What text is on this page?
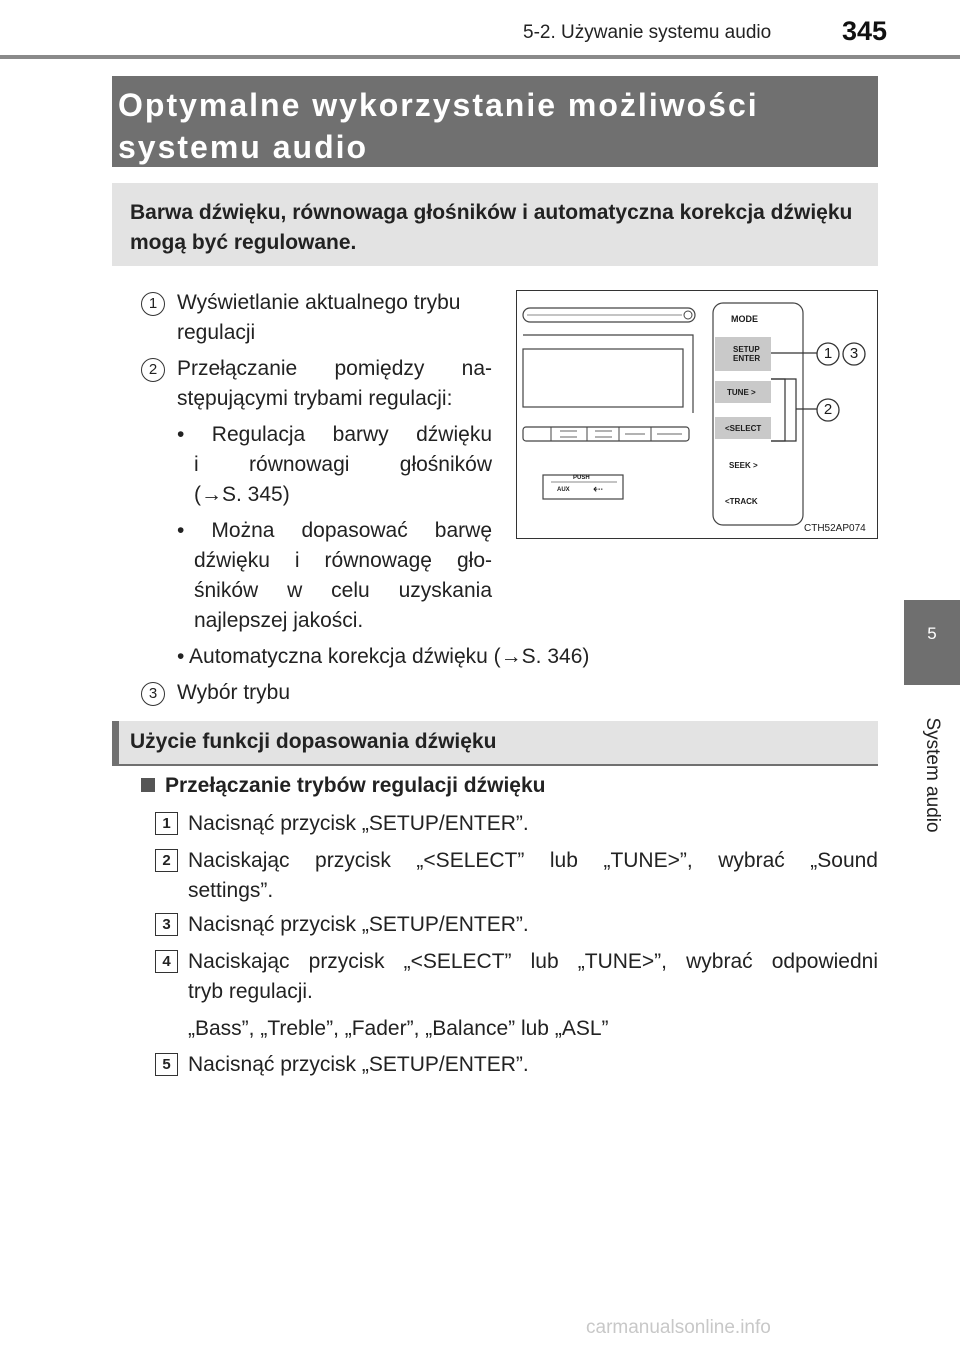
5-2. Używanie systemu audio	345
5
System audio
Optymalne wykorzystanie możliwości systemu audio
Barwa dźwięku, równowaga głośników i automatyczna korekcja dźwięku mogą być regulowane.
1 Wyświetlanie aktualnego trybu
regulacji
2 Przełączanie pomiędzy na-
stępującymi trybami regulacji:
• Regulacja barwy dźwięku
i równowagi głośników
(→S. 345)
• Można dopasować barwę
dźwięku i równowagę gło-
śników w celu uzyskania
najlepszej jakości.
• Automatyczna korekcja dźwięku (→S. 346)
3 Wybór trybu
MODE
SETUP
ENTER
TUNE >
<SELECT
SEEK >
<TRACK
PUSH
AUX ⇠
CTH52AP074
1	3
2
Użycie funkcji dopasowania dźwięku
Przełączanie trybów regulacji dźwięku
1 Nacisnąć przycisk „SETUP/ENTER”.
2 Naciskając przycisk „<SELECT” lub „TUNE>”, wybrać „Sound
settings”.
3 Nacisnąć przycisk „SETUP/ENTER”.
4 Naciskając przycisk „<SELECT” lub „TUNE>”, wybrać odpowiedni
tryb regulacji.
„Bass”, „Treble”, „Fader”, „Balance” lub „ASL”
5 Nacisnąć przycisk „SETUP/ENTER”.
carmanualsonline.info
